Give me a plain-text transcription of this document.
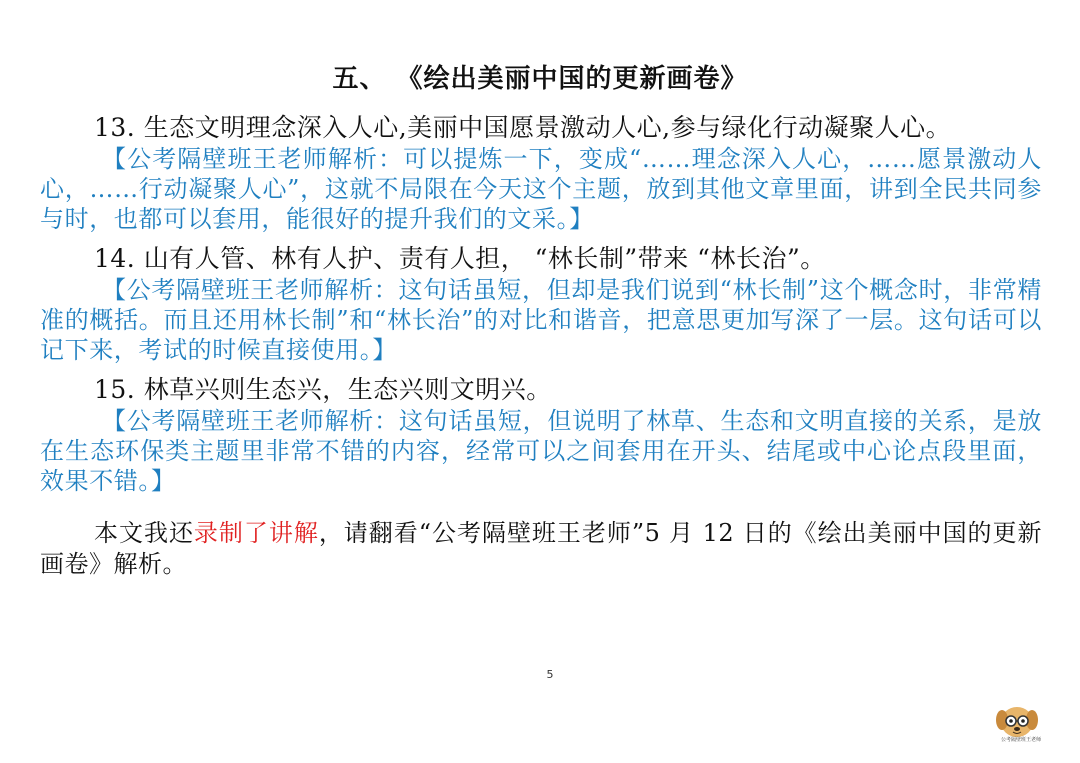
五、 《绘出美丽中国的更新画卷》

13. 生态文明理念深入人心,美丽中国愿景激动人心,参与绿化行动凝聚人心。

【公考隔壁班王老师解析：可以提炼一下，变成“……理念深入人心，……愿景激动人心，……行动凝聚人心”，这就不局限在今天这个主题，放到其他文章里面，讲到全民共同参与时，也都可以套用，能很好的提升我们的文采。】

14. 山有人管、林有人护、责有人担， “林长制”带来 “林长治”。

【公考隔壁班王老师解析：这句话虽短，但却是我们说到“林长制”这个概念时，非常精准的概括。而且还用林长制”和“林长治”的对比和谐音，把意思更加写深了一层。这句话可以记下来，考试的时候直接使用。】

15. 林草兴则生态兴，生态兴则文明兴。

【公考隔壁班王老师解析：这句话虽短，但说明了林草、生态和文明直接的关系，是放在生态环保类主题里非常不错的内容，经常可以之间套用在开头、结尾或中心论点段里面，效果不错。】

本文我还录制了讲解，请翻看“公考隔壁班王老师”5 月 12 日的《绘出美丽中国的更新画卷》解析。

5
公考隔壁班王老师
